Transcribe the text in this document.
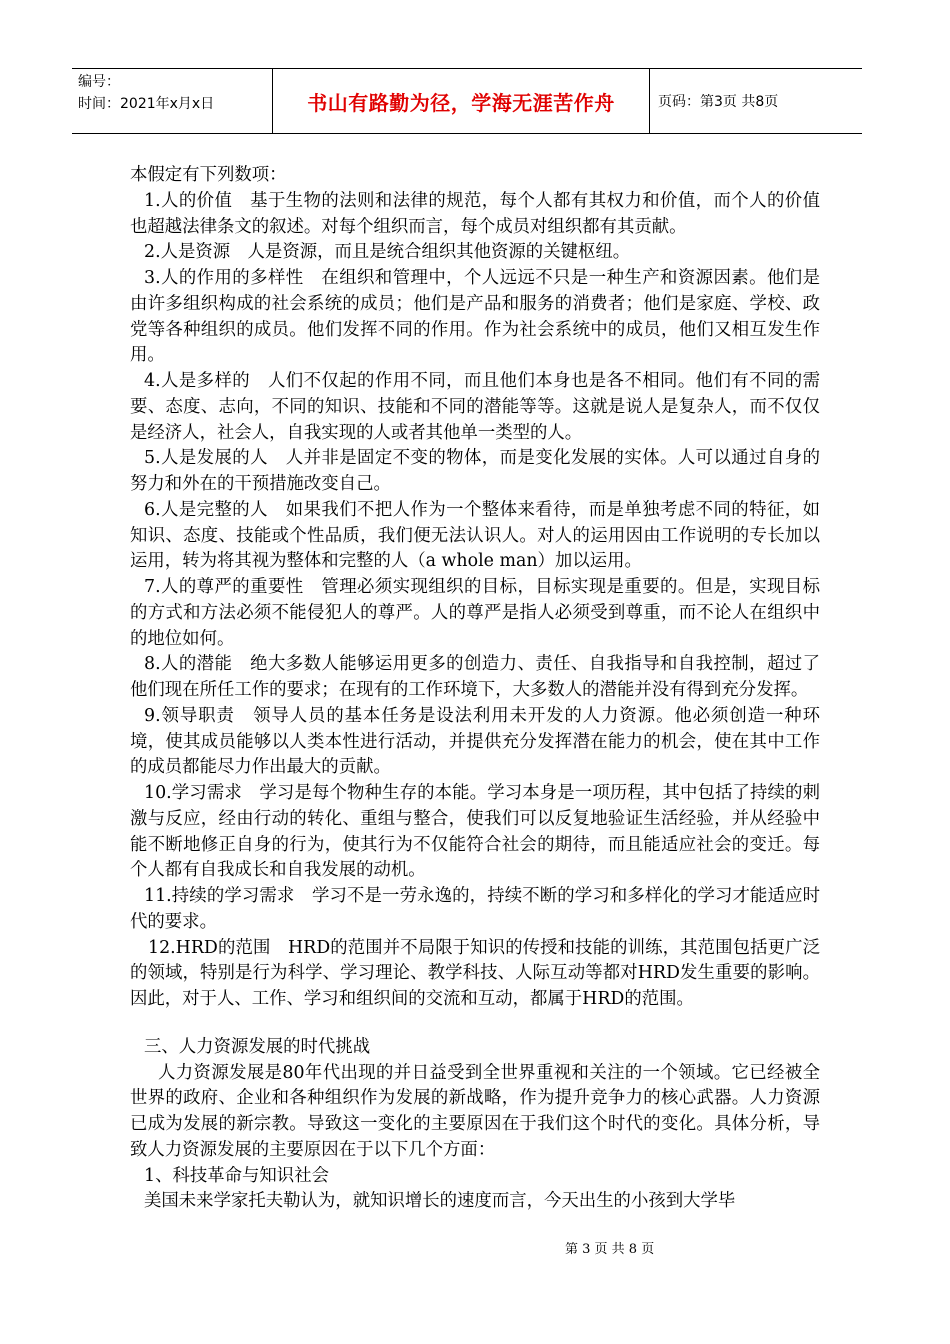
编号：
时间：2021年x月x日	书山有路勤为径，学海无涯苦作舟	页码：第3页 共8页

本假定有下列数项：

1.人的价值　基于生物的法则和法律的规范，每个人都有其权力和价值，而个人的价值也超越法律条文的叙述。对每个组织而言，每个成员对组织都有其贡献。

2.人是资源　人是资源，而且是统合组织其他资源的关键枢纽。

3.人的作用的多样性　在组织和管理中，个人远远不只是一种生产和资源因素。他们是由许多组织构成的社会系统的成员；他们是产品和服务的消费者；他们是家庭、学校、政党等各种组织的成员。他们发挥不同的作用。作为社会系统中的成员，他们又相互发生作用。

4.人是多样的　人们不仅起的作用不同，而且他们本身也是各不相同。他们有不同的需要、态度、志向，不同的知识、技能和不同的潜能等等。这就是说人是复杂人，而不仅仅是经济人，社会人，自我实现的人或者其他单一类型的人。

5.人是发展的人　人并非是固定不变的物体，而是变化发展的实体。人可以通过自身的努力和外在的干预措施改变自己。

6.人是完整的人　如果我们不把人作为一个整体来看待，而是单独考虑不同的特征，如知识、态度、技能或个性品质，我们便无法认识人。对人的运用因由工作说明的专长加以运用，转为将其视为整体和完整的人（a whole man）加以运用。

7.人的尊严的重要性　管理必须实现组织的目标，目标实现是重要的。但是，实现目标的方式和方法必须不能侵犯人的尊严。人的尊严是指人必须受到尊重，而不论人在组织中的地位如何。

8.人的潜能　绝大多数人能够运用更多的创造力、责任、自我指导和自我控制，超过了他们现在所任工作的要求；在现有的工作环境下，大多数人的潜能并没有得到充分发挥。

9.领导职责　领导人员的基本任务是设法利用未开发的人力资源。他必须创造一种环境，使其成员能够以人类本性进行活动，并提供充分发挥潜在能力的机会，使在其中工作的成员都能尽力作出最大的贡献。

10.学习需求　学习是每个物种生存的本能。学习本身是一项历程，其中包括了持续的刺激与反应，经由行动的转化、重组与整合，使我们可以反复地验证生活经验，并从经验中能不断地修正自身的行为，使其行为不仅能符合社会的期待，而且能适应社会的变迁。每个人都有自我成长和自我发展的动机。

11.持续的学习需求　学习不是一劳永逸的，持续不断的学习和多样化的学习才能适应时代的要求。

12.HRD的范围　HRD的范围并不局限于知识的传授和技能的训练，其范围包括更广泛的领域，特别是行为科学、学习理论、教学科技、人际互动等都对HRD发生重要的影响。因此，对于人、工作、学习和组织间的交流和互动，都属于HRD的范围。

三、人力资源发展的时代挑战

人力资源发展是80年代出现的并日益受到全世界重视和关注的一个领域。它已经被全世界的政府、企业和各种组织作为发展的新战略，作为提升竞争力的核心武器。人力资源已成为发展的新宗教。导致这一变化的主要原因在于我们这个时代的变化。具体分析，导致人力资源发展的主要原因在于以下几个方面：

1、科技革命与知识社会

美国未来学家托夫勒认为，就知识增长的速度而言，今天出生的小孩到大学毕

第 3 页 共 8 页
